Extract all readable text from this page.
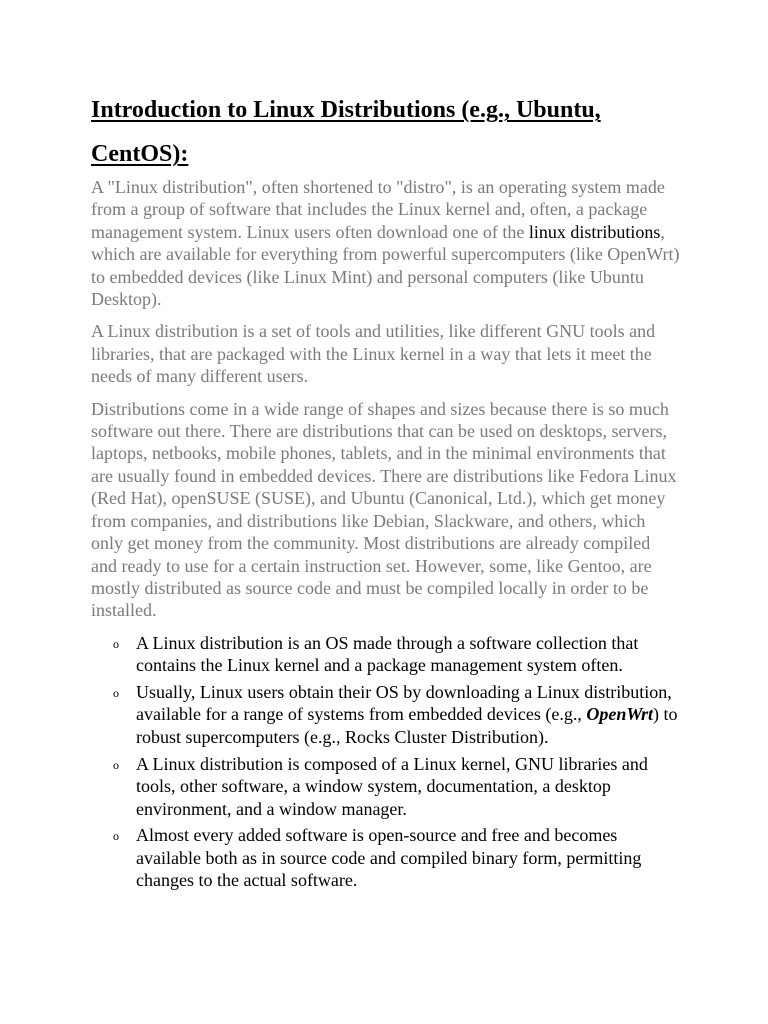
Introduction to Linux Distributions (e.g., Ubuntu, CentOS):

A "Linux distribution", often shortened to "distro", is an operating system made from a group of software that includes the Linux kernel and, often, a package management system. Linux users often download one of the linux distributions, which are available for everything from powerful supercomputers (like OpenWrt) to embedded devices (like Linux Mint) and personal computers (like Ubuntu Desktop).

A Linux distribution is a set of tools and utilities, like different GNU tools and libraries, that are packaged with the Linux kernel in a way that lets it meet the needs of many different users.

Distributions come in a wide range of shapes and sizes because there is so much software out there. There are distributions that can be used on desktops, servers, laptops, netbooks, mobile phones, tablets, and in the minimal environments that are usually found in embedded devices. There are distributions like Fedora Linux (Red Hat), openSUSE (SUSE), and Ubuntu (Canonical, Ltd.), which get money from companies, and distributions like Debian, Slackware, and others, which only get money from the community. Most distributions are already compiled and ready to use for a certain instruction set. However, some, like Gentoo, are mostly distributed as source code and must be compiled locally in order to be installed.

o A Linux distribution is an OS made through a software collection that contains the Linux kernel and a package management system often.
o Usually, Linux users obtain their OS by downloading a Linux distribution, available for a range of systems from embedded devices (e.g., OpenWrt) to robust supercomputers (e.g., Rocks Cluster Distribution).
o A Linux distribution is composed of a Linux kernel, GNU libraries and tools, other software, a window system, documentation, a desktop environment, and a window manager.
o Almost every added software is open-source and free and becomes available both as in source code and compiled binary form, permitting changes to the actual software.
